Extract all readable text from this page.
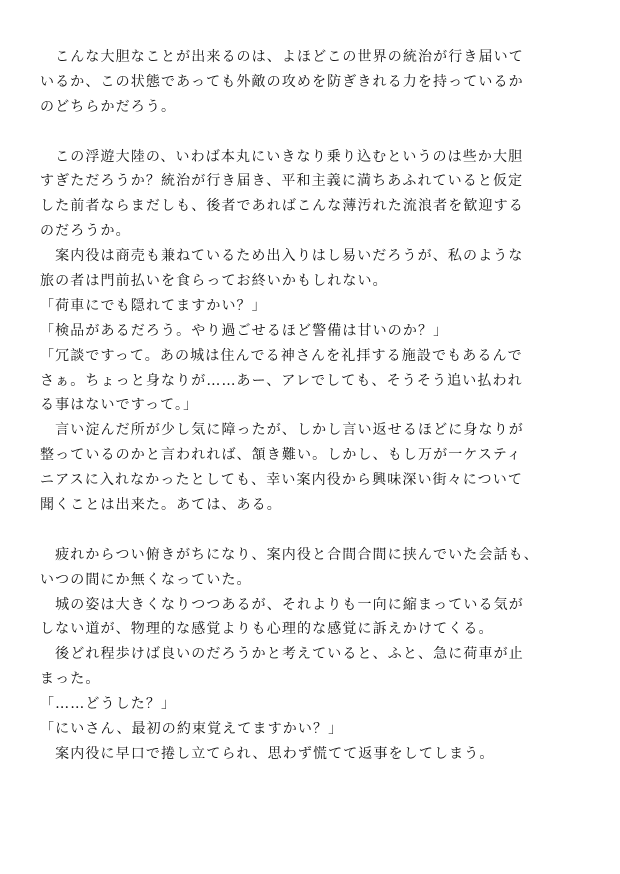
　こんな大胆なことが出来るのは、よほどこの世界の統治が行き届いて
いるか、この状態であっても外敵の攻めを防ぎきれる力を持っているか
のどちらかだろう。
　この浮遊大陸の、いわば本丸にいきなり乗り込むというのは些か大胆
すぎただろうか？統治が行き届き、平和主義に満ちあふれていると仮定
した前者ならまだしも、後者であればこんな薄汚れた流浪者を歓迎する
のだろうか。
　案内役は商売も兼ねているため出入りはし易いだろうが、私のような
旅の者は門前払いを食らってお終いかもしれない。
「荷車にでも隠れてますかい？」
「検品があるだろう。やり過ごせるほど警備は甘いのか？」
「冗談ですって。あの城は住んでる神さんを礼拝する施設でもあるんで
さぁ。ちょっと身なりが……あー、アレでしても、そうそう追い払われ
る事はないですって。」
　言い淀んだ所が少し気に障ったが、しかし言い返せるほどに身なりが
整っているのかと言われれば、頷き難い。しかし、もし万が一ケスティ
ニアスに入れなかったとしても、幸い案内役から興味深い街々について
聞くことは出来た。あては、ある。
　疲れからつい俯きがちになり、案内役と合間合間に挟んでいた会話も、
いつの間にか無くなっていた。
　城の姿は大きくなりつつあるが、それよりも一向に縮まっている気が
しない道が、物理的な感覚よりも心理的な感覚に訴えかけてくる。
　後どれ程歩けば良いのだろうかと考えていると、ふと、急に荷車が止
まった。
「……どうした？」
「にいさん、最初の約束覚えてますかい？」
　案内役に早口で捲し立てられ、思わず慌てて返事をしてしまう。
